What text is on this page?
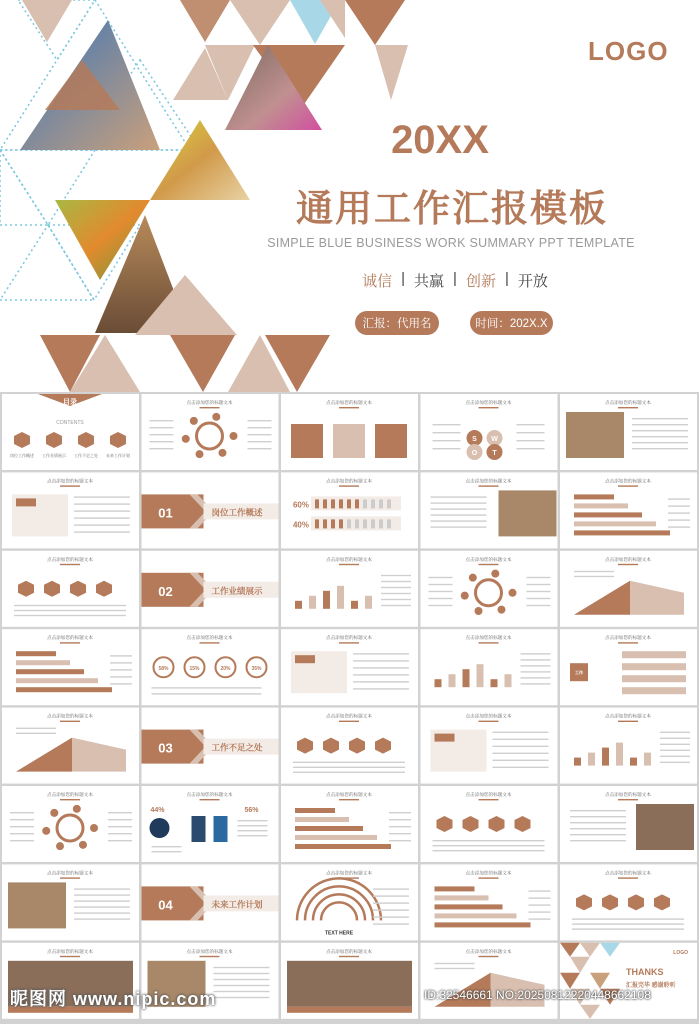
LOGO
20XX
通用工作汇报模板
SIMPLE BLUE BUSINESS WORK SUMMARY PPT TEMPLATE
诚信 | 共赢 | 创新 | 开放
汇报：代用名	时间：202X.X
目录
CONTENTS
岗位工作概述 工作业绩展示 工作不足之处 未来工作计划
点击添加您的标题文本	点击添加您的标题文本	点击添加您的标题文本
S W
O T
点击添加您的标题文本
点击添加您的标题文本
01	岗位工作概述
点击添加您的标题文本
60%
40%
点击添加您的标题文本	点击添加您的标题文本
点击添加您的标题文本
02	工作业绩展示
点击添加您的标题文本	点击添加您的标题文本	点击添加您的标题文本
点击添加您的标题文本	点击添加您的标题文本
58%	15%	20%	35%
点击添加您的标题文本	点击添加您的标题文本	点击添加您的标题文本
工作
点击添加您的标题文本
03	工作不足之处
点击添加您的标题文本	点击添加您的标题文本	点击添加您的标题文本
点击添加您的标题文本	点击添加您的标题文本
44%	56%
点击添加您的标题文本	点击添加您的标题文本	点击添加您的标题文本
点击添加您的标题文本
04	未来工作计划
点击添加您的标题文本
TEXT HERE
点击添加您的标题文本	点击添加您的标题文本
点击添加您的标题文本	点击添加您的标题文本	点击添加您的标题文本	点击添加您的标题文本
THANKS
汇报完毕 感谢聆听
LOGO
昵图网 www.nipic.com	ID:32546661 NO:20250812220448662108
